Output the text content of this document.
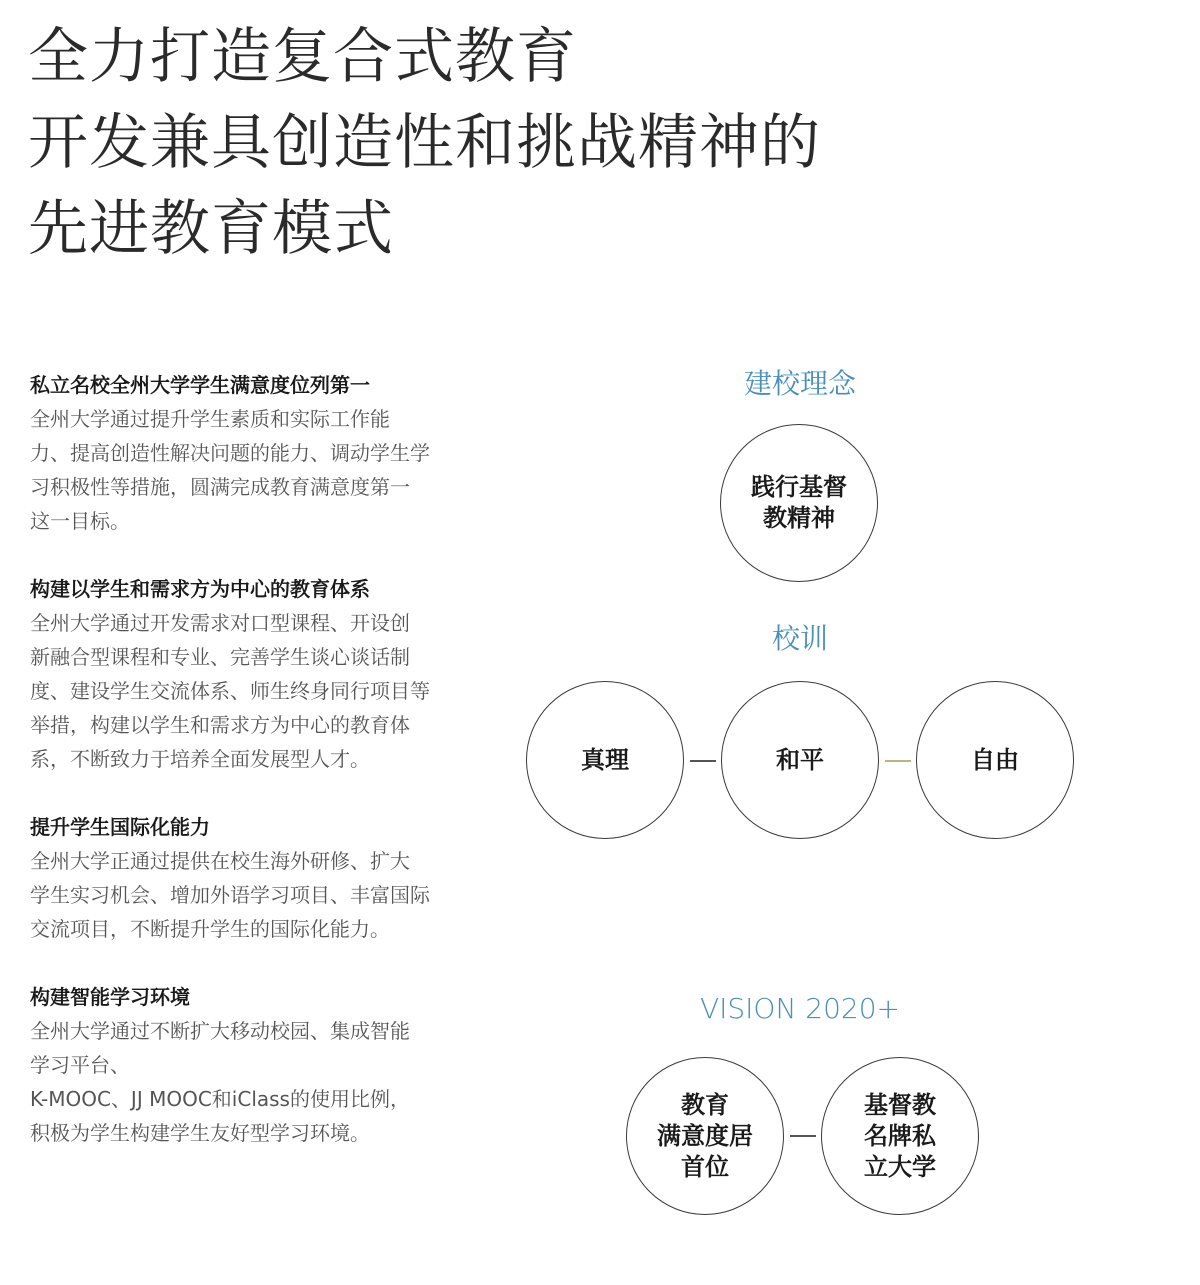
全力打造复合式教育
开发兼具创造性和挑战精神的
先进教育模式

私立名校全州大学学生满意度位列第一

全州大学通过提升学生素质和实际工作能
力、提高创造性解决问题的能力、调动学生学
习积极性等措施，圆满完成教育满意度第一
这一目标。

构建以学生和需求方为中心的教育体系

全州大学通过开发需求对口型课程、开设创
新融合型课程和专业、完善学生谈心谈话制
度、建设学生交流体系、师生终身同行项目等
举措，构建以学生和需求方为中心的教育体
系，不断致力于培养全面发展型人才。

提升学生国际化能力

全州大学正通过提供在校生海外研修、扩大
学生实习机会、增加外语学习项目、丰富国际
交流项目，不断提升学生的国际化能力。

构建智能学习环境

全州大学通过不断扩大移动校园、集成智能
学习平台、
K-MOOC、JJ MOOC和iClass的使用比例，
积极为学生构建学生友好型学习环境。

建校理念
践行基督
教精神
校训
真理	和平	自由
VISION 2020+
教育
满意度居
首位
基督教
名牌私
立大学
